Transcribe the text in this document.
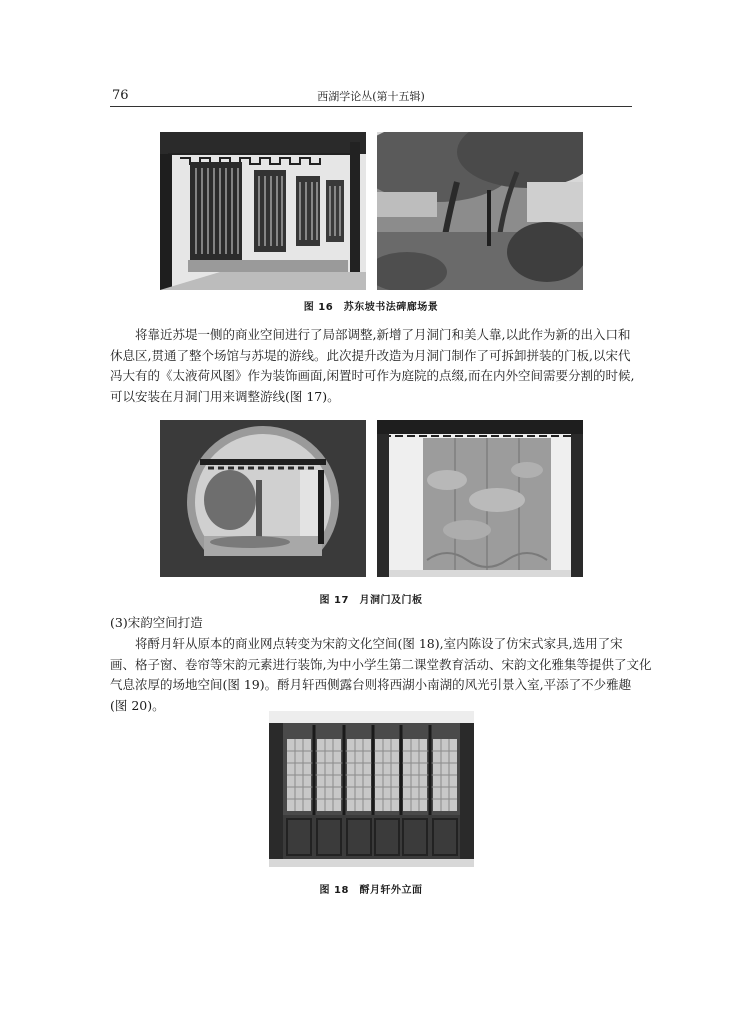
76	西湖学论丛(第十五辑)
图 16　苏东坡书法碑廊场景
将靠近苏堤一侧的商业空间进行了局部调整,新增了月洞门和美人靠,以此作为新的出入口和
休息区,贯通了整个场馆与苏堤的游线。此次提升改造为月洞门制作了可拆卸拼装的门板,以宋代
冯大有的《太液荷风图》作为装饰画面,闲置时可作为庭院的点缀,而在内外空间需要分割的时候,
可以安装在月洞门用来调整游线(图 17)。
图 17　月洞门及门板
(3)宋韵空间打造
将酹月轩从原本的商业网点转变为宋韵文化空间(图 18),室内陈设了仿宋式家具,选用了宋
画、格子窗、卷帘等宋韵元素进行装饰,为中小学生第二课堂教育活动、宋韵文化雅集等提供了文化
气息浓厚的场地空间(图 19)。酹月轩西侧露台则将西湖小南湖的风光引景入室,平添了不少雅趣
(图 20)。
图 18　酹月轩外立面
